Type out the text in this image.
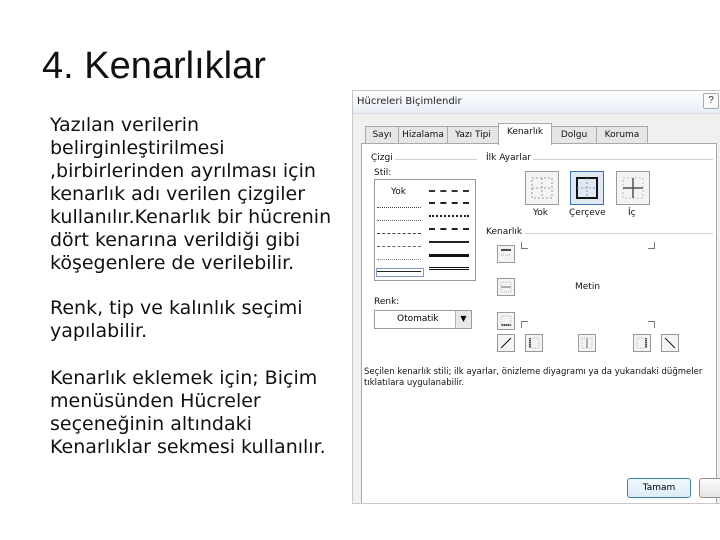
4. Kenarlıklar

Yazılan verilerin belirginleştirilmesi ,birbirlerinden ayrılması için kenarlık adı verilen çizgiler kullanılır.Kenarlık bir hücrenin dört kenarına verildiği gibi köşegenlere de verilebilir.

Renk, tip ve kalınlık seçimi yapılabilir.

Kenarlık eklemek için; Biçim menüsünden Hücreler seçeneğinin altındaki Kenarlıklar sekmesi kullanılır.

Hücreleri Biçimlendir	?
Sayı	Hizalama	Yazı Tipi	Kenarlık	Dolgu	Koruma
Çizgi
Stil:
Yok
Renk:
Otomatik	▼
İlk Ayarlar
Yok Çerçeve İç
Kenarlık
Metin
Seçilen kenarlık stili; ilk ayarlar, önizleme diyagramı ya da yukarıdaki düğmeler tıklatılara uygulanabilir.
Tamam
